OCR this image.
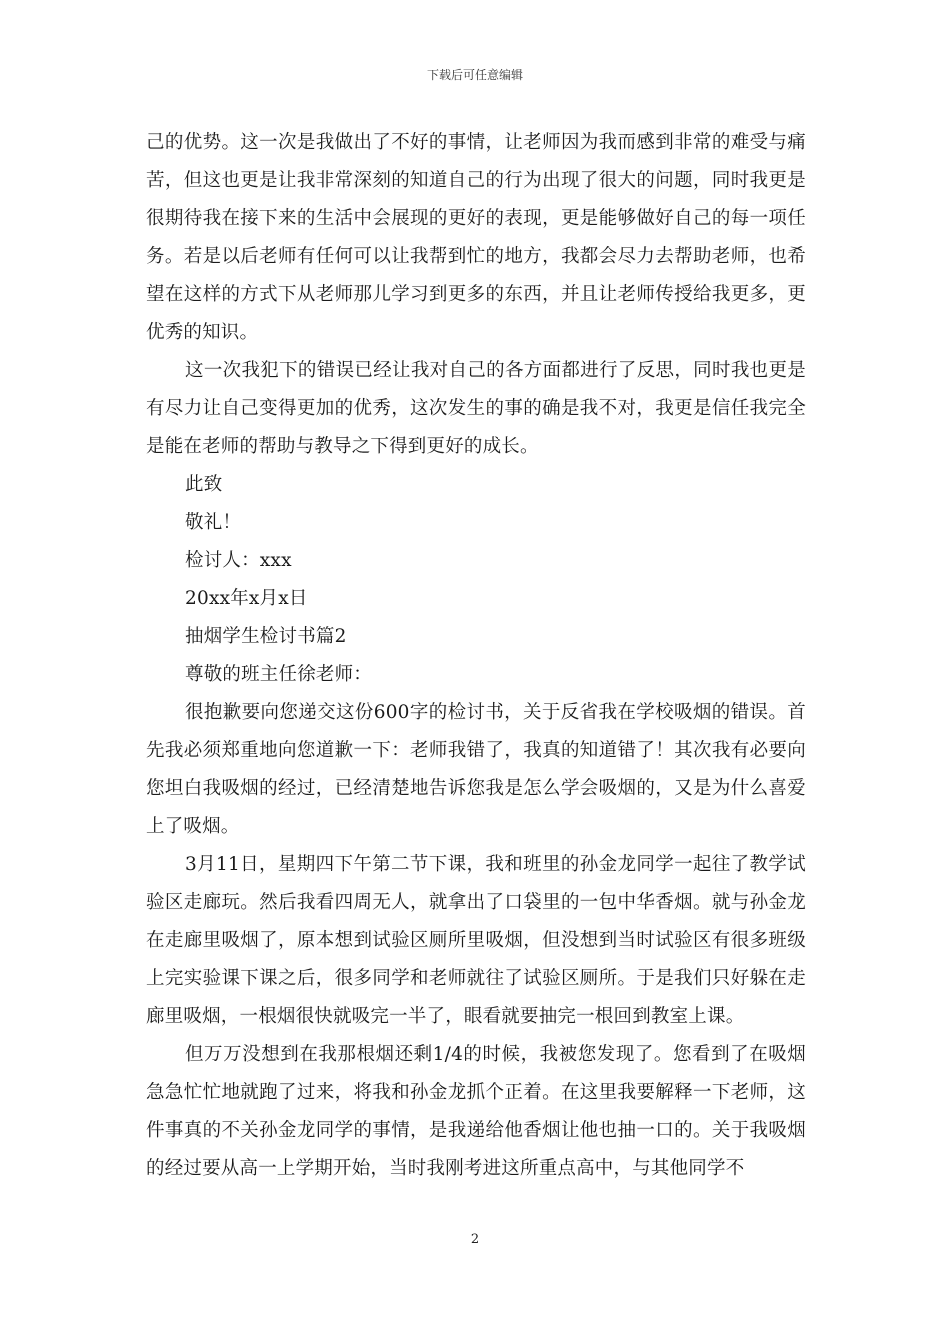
下载后可任意编辑

己的优势。这一次是我做出了不好的事情，让老师因为我而感到非常的难受与痛苦，但这也更是让我非常深刻的知道自己的行为出现了很大的问题，同时我更是很期待我在接下来的生活中会展现的更好的表现，更是能够做好自己的每一项任务。若是以后老师有任何可以让我帮到忙的地方，我都会尽力去帮助老师，也希望在这样的方式下从老师那儿学习到更多的东西，并且让老师传授给我更多，更优秀的知识。

这一次我犯下的错误已经让我对自己的各方面都进行了反思，同时我也更是有尽力让自己变得更加的优秀，这次发生的事的确是我不对，我更是信任我完全是能在老师的帮助与教导之下得到更好的成长。

此致

敬礼！

检讨人：xxx

20xx年x月x日

抽烟学生检讨书篇2

尊敬的班主任徐老师：

很抱歉要向您递交这份600字的检讨书，关于反省我在学校吸烟的错误。首先我必须郑重地向您道歉一下：老师我错了，我真的知道错了！其次我有必要向您坦白我吸烟的经过，已经清楚地告诉您我是怎么学会吸烟的，又是为什么喜爱上了吸烟。

3月11日，星期四下午第二节下课，我和班里的孙金龙同学一起往了教学试验区走廊玩。然后我看四周无人，就拿出了口袋里的一包中华香烟。就与孙金龙在走廊里吸烟了，原本想到试验区厕所里吸烟，但没想到当时试验区有很多班级上完实验课下课之后，很多同学和老师就往了试验区厕所。于是我们只好躲在走廊里吸烟，一根烟很快就吸完一半了，眼看就要抽完一根回到教室上课。

但万万没想到在我那根烟还剩1/4的时候，我被您发现了。您看到了在吸烟急急忙忙地就跑了过来，将我和孙金龙抓个正着。在这里我要解释一下老师，这件事真的不关孙金龙同学的事情，是我递给他香烟让他也抽一口的。关于我吸烟的经过要从高一上学期开始，当时我刚考进这所重点高中，与其他同学不

2
